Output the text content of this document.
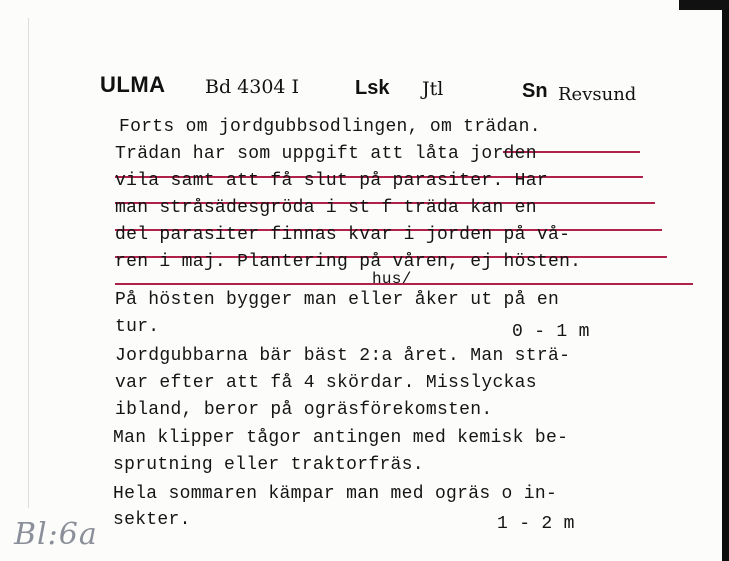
ULMA Bd 4304 I	Lsk Jtl	Sn Revsund
Forts om jordgubbsodlingen, om trädan.
Trädan har som uppgift att låta jorden
vila samt att få slut på parasiter. Har
man stråsädesgröda i st f träda kan en
del parasiter finnas kvar i jorden på vå-
ren i maj. Plantering på våren, ej hösten.
hus/
På hösten bygger man eller åker ut på en
tur.	0 - 1 m
Jordgubbarna bär bäst 2:a året. Man strä-
var efter att få 4 skördar. Misslyckas
ibland, beror på ogräsförekomsten.
Man klipper tågor antingen med kemisk be-
sprutning eller traktorfräs.
Hela sommaren kämpar man med ogräs o in-
sekter.	1 - 2 m
Bl:6a
